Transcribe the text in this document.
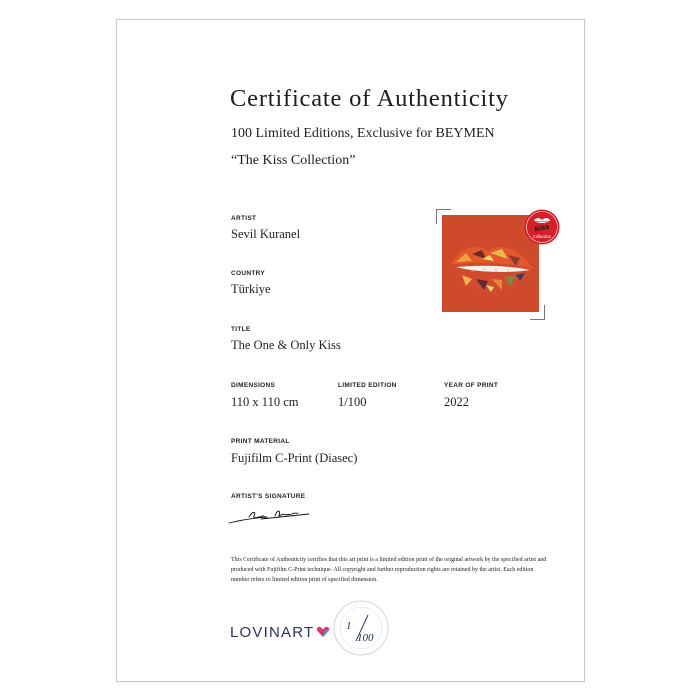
Certificate of Authenticity
100 Limited Editions, Exclusive for BEYMEN
“The Kiss Collection”
ARTIST
Sevil Kuranel
COUNTRY
Türkiye
TITLE
The One & Only Kiss
DIMENSIONS
110 x 110 cm
LIMITED EDITION
1/100
YEAR OF PRINT
2022
PRINT MATERIAL
Fujifilm C-Print (Diasec)
ARTIST'S SIGNATURE
Kiss
Collection
This Certificate of Authenticity certifies that this art print is a limited edition print of the original artwork by the specified artist and produced with Fujifilm C-Print technique. All copyright and further reproduction rights are retained by the artist. Each edition number refers to limited edition print of specified dimension.
LOVINART	1
100
